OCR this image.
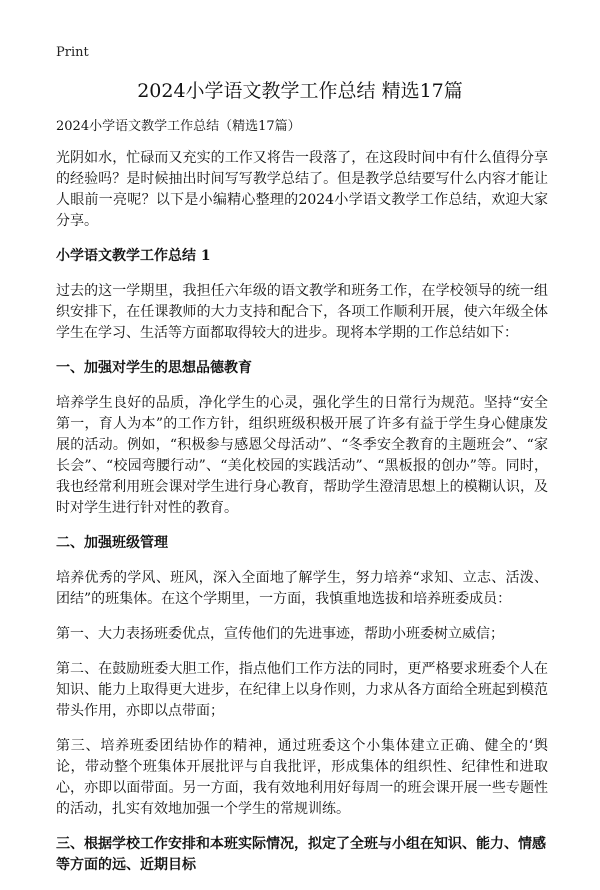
Print
2024小学语文教学工作总结 精选17篇

2024小学语文教学工作总结（精选17篇）

光阴如水，忙碌而又充实的工作又将告一段落了，在这段时间中有什么值得分享的经验吗？是时候抽出时间写写教学总结了。但是教学总结要写什么内容才能让人眼前一亮呢？以下是小编精心整理的2024小学语文教学工作总结，欢迎大家分享。

小学语文教学工作总结 1

过去的这一学期里，我担任六年级的语文教学和班务工作，在学校领导的统一组织安排下，在任课教师的大力支持和配合下，各项工作顺利开展，使六年级全体学生在学习、生活等方面都取得较大的进步。现将本学期的工作总结如下：

一、加强对学生的思想品德教育

培养学生良好的品质，净化学生的心灵，强化学生的日常行为规范。坚持“安全第一，育人为本”的工作方针，组织班级积极开展了许多有益于学生身心健康发展的活动。例如，“积极参与感恩父母活动”、“冬季安全教育的主题班会”、“家长会”、“校园弯腰行动”、“美化校园的实践活动”、“黑板报的创办”等。同时，我也经常利用班会课对学生进行身心教育，帮助学生澄清思想上的模糊认识，及时对学生进行针对性的教育。

二、加强班级管理

培养优秀的学风、班风，深入全面地了解学生，努力培养“求知、立志、活泼、团结”的班集体。在这个学期里，一方面，我慎重地选拔和培养班委成员：

第一、大力表扬班委优点，宣传他们的先进事迹，帮助小班委树立威信；

第二、在鼓励班委大胆工作，指点他们工作方法的同时，更严格要求班委个人在知识、能力上取得更大进步，在纪律上以身作则，力求从各方面给全班起到模范带头作用，亦即以点带面；

第三、培养班委团结协作的精神，通过班委这个小集体建立正确、健全的‘舆论，带动整个班集体开展批评与自我批评，形成集体的组织性、纪律性和进取心，亦即以面带面。另一方面，我有效地利用好每周一的班会课开展一些专题性的活动，扎实有效地加强一个学生的常规训练。

三、根据学校工作安排和本班实际情况，拟定了全班与小组在知识、能力、情感等方面的远、近期目标
